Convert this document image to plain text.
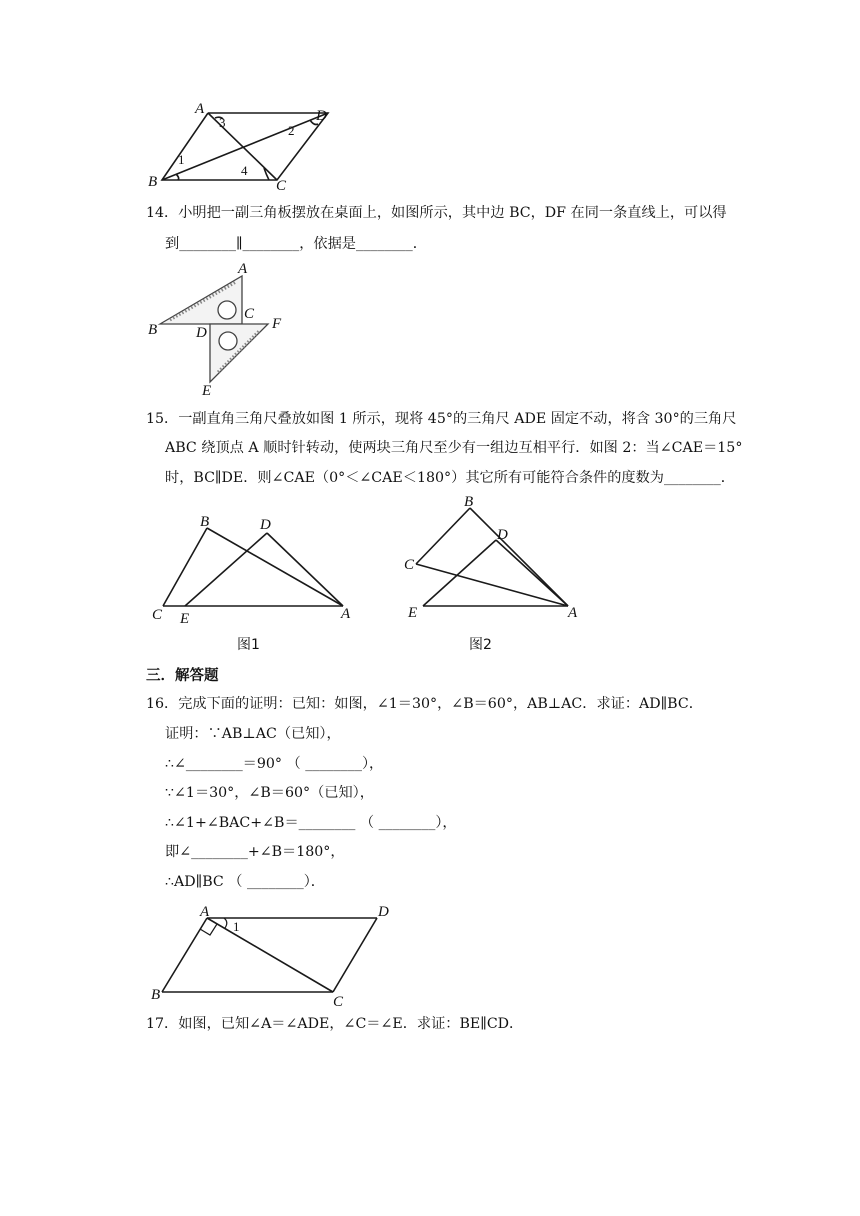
A	D
B	C
1
2
3
4
14．小明把一副三角板摆放在桌面上，如图所示，其中边 BC，DF 在同一条直线上，可以得
到________∥________，依据是________．
A
B
C
D
E
F
15．一副直角三角尺叠放如图 1 所示，现将 45°的三角尺 ADE 固定不动，将含 30°的三角尺
ABC 绕顶点 A 顺时针转动，使两块三角尺至少有一组边互相平行．如图 2：当∠CAE＝15°
时，BC∥DE．则∠CAE（0°＜∠CAE＜180°）其它所有可能符合条件的度数为________．
B	D
C E	A
图1
B
D
C
E	A
图2
三．解答题
16．完成下面的证明：已知：如图，∠1＝30°，∠B＝60°，AB⊥AC．求证：AD∥BC．
证明：∵AB⊥AC（已知），
∴∠________＝90° （ ________），
∵∠1＝30°，∠B＝60°（已知），
∴∠1+∠BAC+∠B＝________ （ ________），
即∠________+∠B＝180°，
∴AD∥BC （ ________）．
A	D
B	C
1
17．如图，已知∠A＝∠ADE，∠C＝∠E．求证：BE∥CD．
